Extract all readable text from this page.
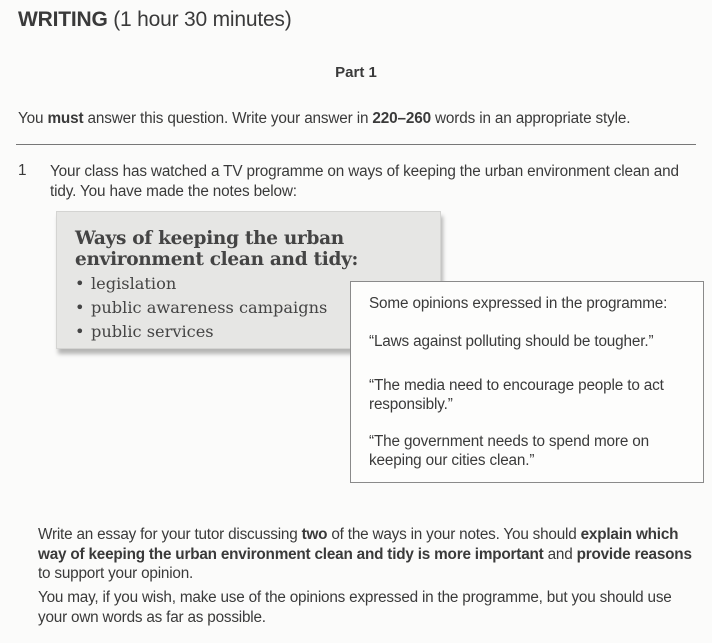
WRITING (1 hour 30 minutes)
Part 1
You must answer this question. Write your answer in 220–260 words in an appropriate style.
1 Your class has watched a TV programme on ways of keeping the urban environment clean and tidy. You have made the notes below:
Ways of keeping the urban environment clean and tidy:
• legislation
• public awareness campaigns
• public services
Some opinions expressed in the programme:
“Laws against polluting should be tougher.”
“The media need to encourage people to act responsibly.”
“The government needs to spend more on keeping our cities clean.”
Write an essay for your tutor discussing two of the ways in your notes. You should explain which way of keeping the urban environment clean and tidy is more important and provide reasons to support your opinion.
You may, if you wish, make use of the opinions expressed in the programme, but you should use your own words as far as possible.
